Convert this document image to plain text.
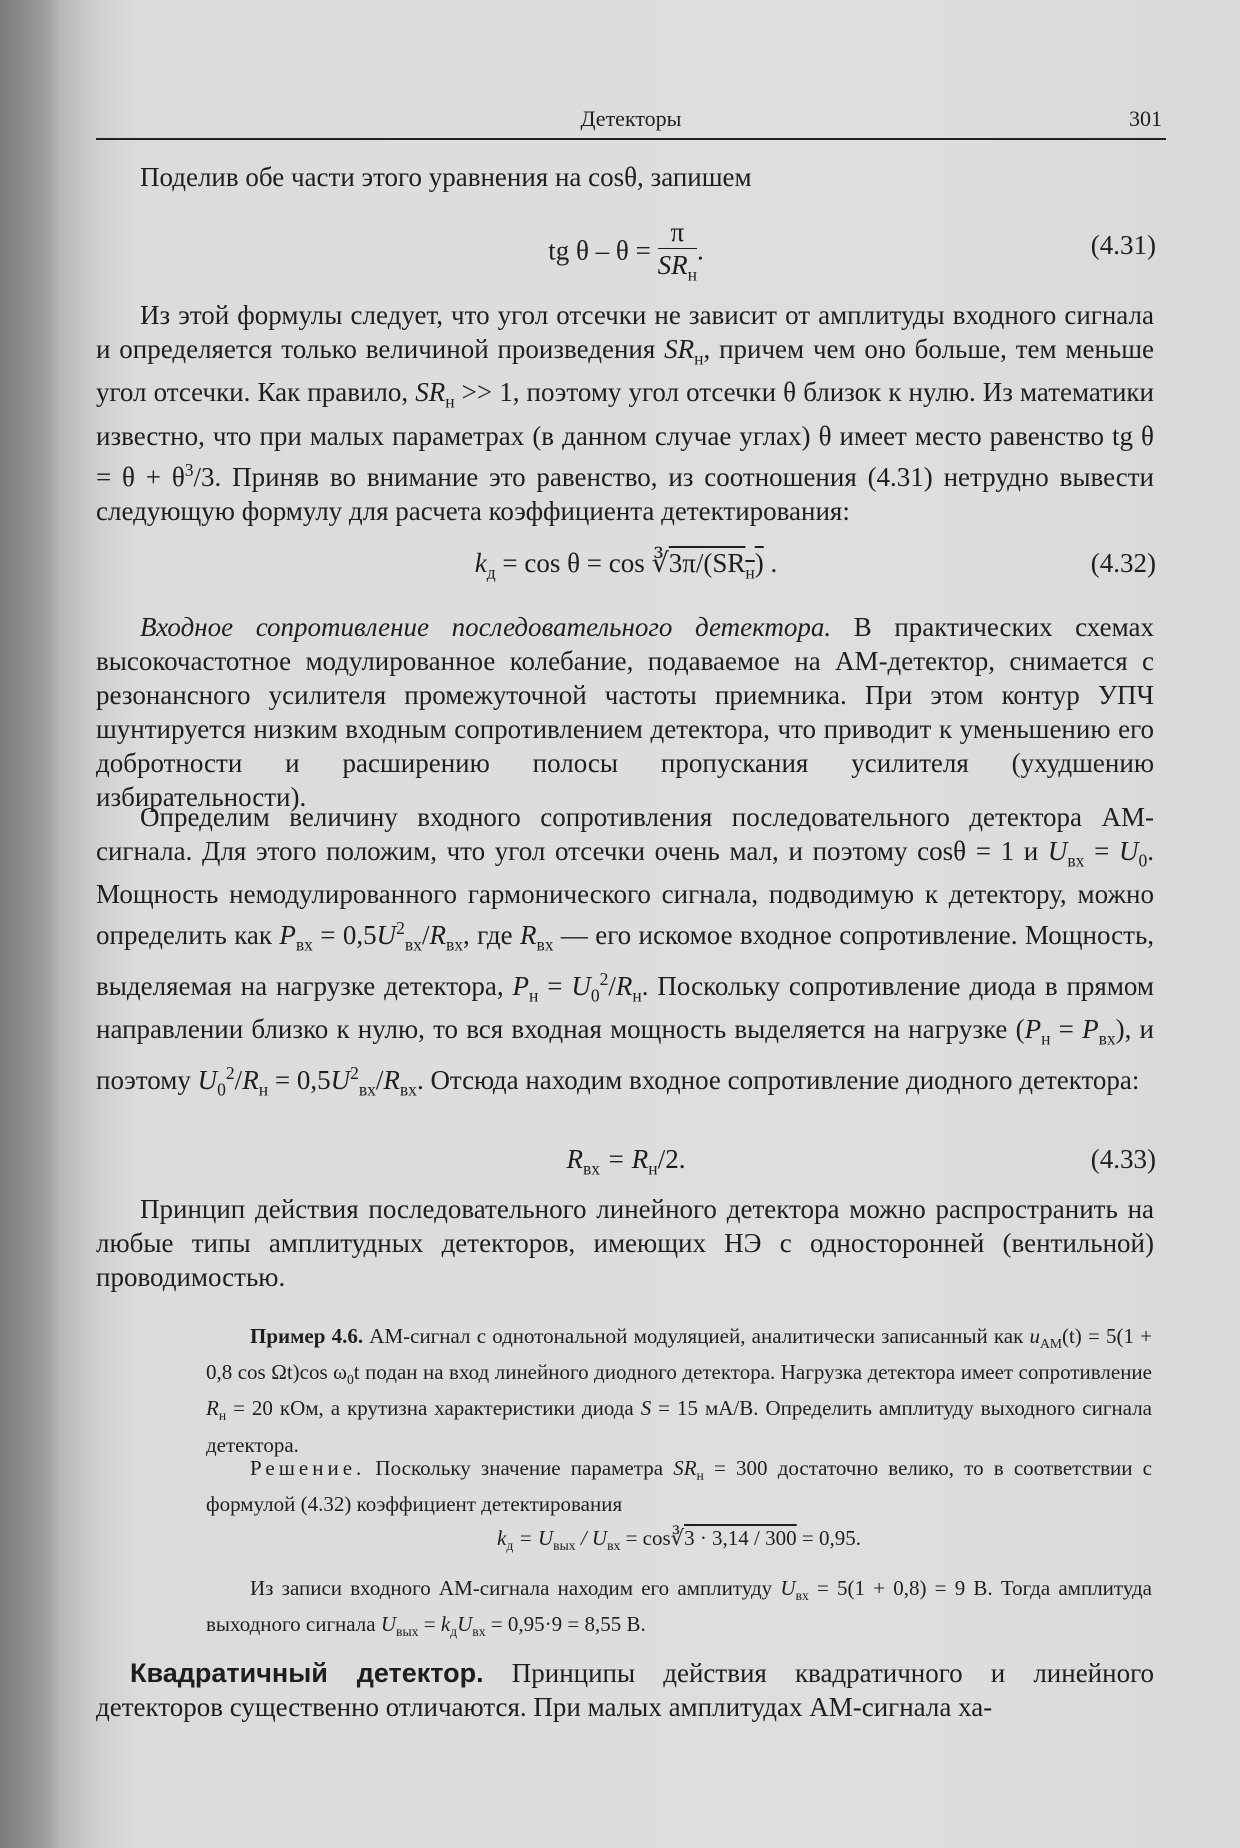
Детекторы	301

Поделив обе части этого уравнения на cosθ, запишем

tg $\theta - \theta = \frac{\pi}{SR_н}$ .	(4.31)

Из этой формулы следует, что угол отсечки не зависит от амплитуды входного сигнала и определяется только величиной произведения $SR_н$, причем чем оно больше, тем меньше угол отсечки. Как правило, $SR_н >> 1$, поэтому угол отсечки θ близок к нулю. Из математики известно, что при малых параметрах (в данном случае углах) θ имеет место равенство tg $\theta = \theta + \theta^3/3$. Приняв во внимание это равенство, из соотношения (4.31) нетрудно вывести следующую формулу для расчета коэффициента детектирования:

$k_д = \cos \theta = \cos$ $∛3\pi/(SR_н)$ .	(4.32)

Входное сопротивление последовательного детектора. В практических схемах высокочастотное модулированное колебание, подаваемое на АМ-детектор, снимается с резонансного усилителя промежуточной частоты приемника. При этом контур УПЧ шунтируется низким входным сопротивлением детектора, что приводит к уменьшению его добротности и расширению полосы пропускания усилителя (ухудшению избирательности).

Определим величину входного сопротивления последовательного детектора АМ-сигнала. Для этого положим, что угол отсечки очень мал, и поэтому cosθ = 1 и $U_{вх} = U_0$. Мощность немодулированного гармонического сигнала, подводимую к детектору, можно определить как $P_{вх} = 0,5U^2_{вх}/R_{вх}$, где $R_{вх}$ — его искомое входное сопротивление. Мощность, выделяемая на нагрузке детектора, $P_н = U_0^2/R_н$. Поскольку сопротивление диода в прямом направлении близко к нулю, то вся входная мощность выделяется на нагрузке $(P_н = P_{вх})$, и поэтому $U_0^2/R_н = 0,5U^2_{вх}/R_{вх}$. Отсюда находим входное сопротивление диодного детектора:

$R_{вх} = R_н/2$.	(4.33)

Принцип действия последовательного линейного детектора можно распространить на любые типы амплитудных детекторов, имеющих НЭ с односторонней (вентильной) проводимостью.

Пример 4.6. АМ-сигнал с однотональной модуляцией, аналитически записанный как $u_{AM}(t) = 5(1 + 0,8$ cos Ωt)cos $\omega_0t$ подан на вход линейного диодного детектора. Нагрузка детектора имеет сопротивление $R_н = 20$ кОм, а крутизна характеристики диода S = 15 мА/В. Определить амплитуду выходного сигнала детектора.

Решение. Поскольку значение параметра $SR_н = 300$ достаточно велико, то в соответствии с формулой (4.32) коэффициент детектирования

$k_д = U_{вых} / U_{вх}$ = cos∛3 · 3,14 / 300 = 0,95.

Из записи входного АМ-сигнала находим его амплитуду $U_{вх} = 5(1 + 0,8) = 9$ В. Тогда амплитуда выходного сигнала $U_{вых} = k_дU_{вх} = 0,95\cdot 9 = 8,55$ В.

Квадратичный детектор. Принципы действия квадратичного и линейного детекторов существенно отличаются. При малых амплитудах АМ-сигнала ха-
